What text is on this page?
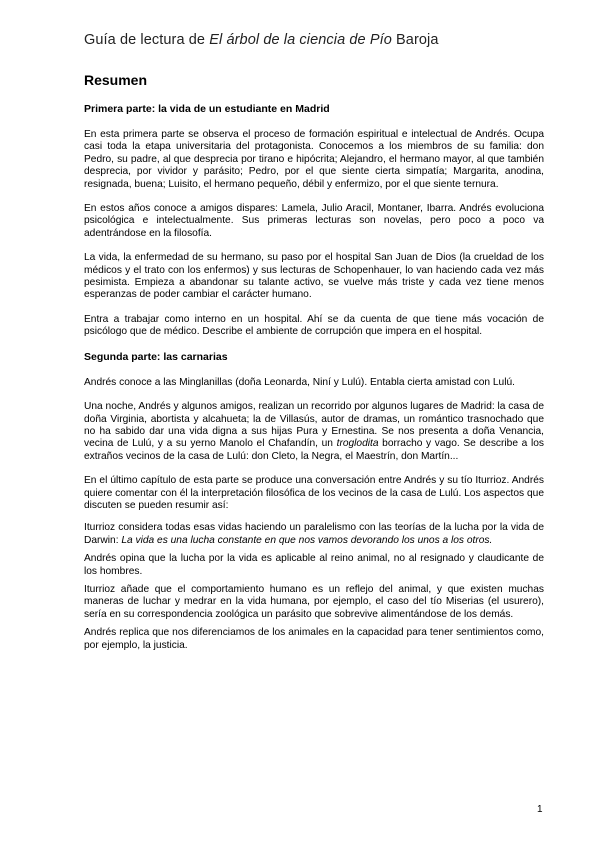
Guía de lectura de El árbol de la ciencia de Pío Baroja
Resumen
Primera parte: la vida de un estudiante en Madrid

En esta primera parte se observa el proceso de formación espiritual e intelectual de Andrés. Ocupa casi toda la etapa universitaria del protagonista. Conocemos a los miembros de su familia: don Pedro, su padre, al que desprecia por tirano e hipócrita; Alejandro, el hermano mayor, al que también desprecia, por vividor y parásito; Pedro, por el que siente cierta simpatía; Margarita, anodina, resignada, buena; Luisito, el hermano pequeño, débil y enfermizo, por el que siente ternura.

En estos años conoce a amigos dispares: Lamela, Julio Aracil, Montaner, Ibarra. Andrés evoluciona psicológica e intelectualmente. Sus primeras lecturas son novelas, pero poco a poco va adentrándose en la filosofía.

La vida, la enfermedad de su hermano, su paso por el hospital San Juan de Dios (la crueldad de los médicos y el trato con los enfermos) y sus lecturas de Schopenhauer, lo van haciendo cada vez más pesimista. Empieza a abandonar su talante activo, se vuelve más triste y cada vez tiene menos esperanzas de poder cambiar el carácter humano.

Entra a trabajar como interno en un hospital. Ahí se da cuenta de que tiene más vocación de psicólogo que de médico. Describe el ambiente de corrupción que impera en el hospital.

Segunda parte: las carnarias

Andrés conoce a las Minglanillas (doña Leonarda, Niní y Lulú). Entabla cierta amistad con Lulú.

Una noche, Andrés y algunos amigos, realizan un recorrido por algunos lugares de Madrid: la casa de doña Virginia, abortista y alcahueta; la de Villasús, autor de dramas, un romántico trasnochado que no ha sabido dar una vida digna a sus hijas Pura y Ernestina. Se nos presenta a doña Venancia, vecina de Lulú, y a su yerno Manolo el Chafandín, un troglodita borracho y vago. Se describe a los extraños vecinos de la casa de Lulú: don Cleto, la Negra, el Maestrín, don Martín...

En el último capítulo de esta parte se produce una conversación entre Andrés y su tío Iturrioz. Andrés quiere comentar con él la interpretación filosófica de los vecinos de la casa de Lulú. Los aspectos que discuten se pueden resumir así:

Iturrioz considera todas esas vidas haciendo un paralelismo con las teorías de la lucha por la vida de Darwin: La vida es una lucha constante en que nos vamos devorando los unos a los otros.

Andrés opina que la lucha por la vida es aplicable al reino animal, no al resignado y claudicante de los hombres.

Iturrioz añade que el comportamiento humano es un reflejo del animal, y que existen muchas maneras de luchar y medrar en la vida humana, por ejemplo, el caso del tío Miserias (el usurero), sería en su correspondencia zoológica un parásito que sobrevive alimentándose de los demás.

Andrés replica que nos diferenciamos de los animales en la capacidad para tener sentimientos como, por ejemplo, la justicia.

1
